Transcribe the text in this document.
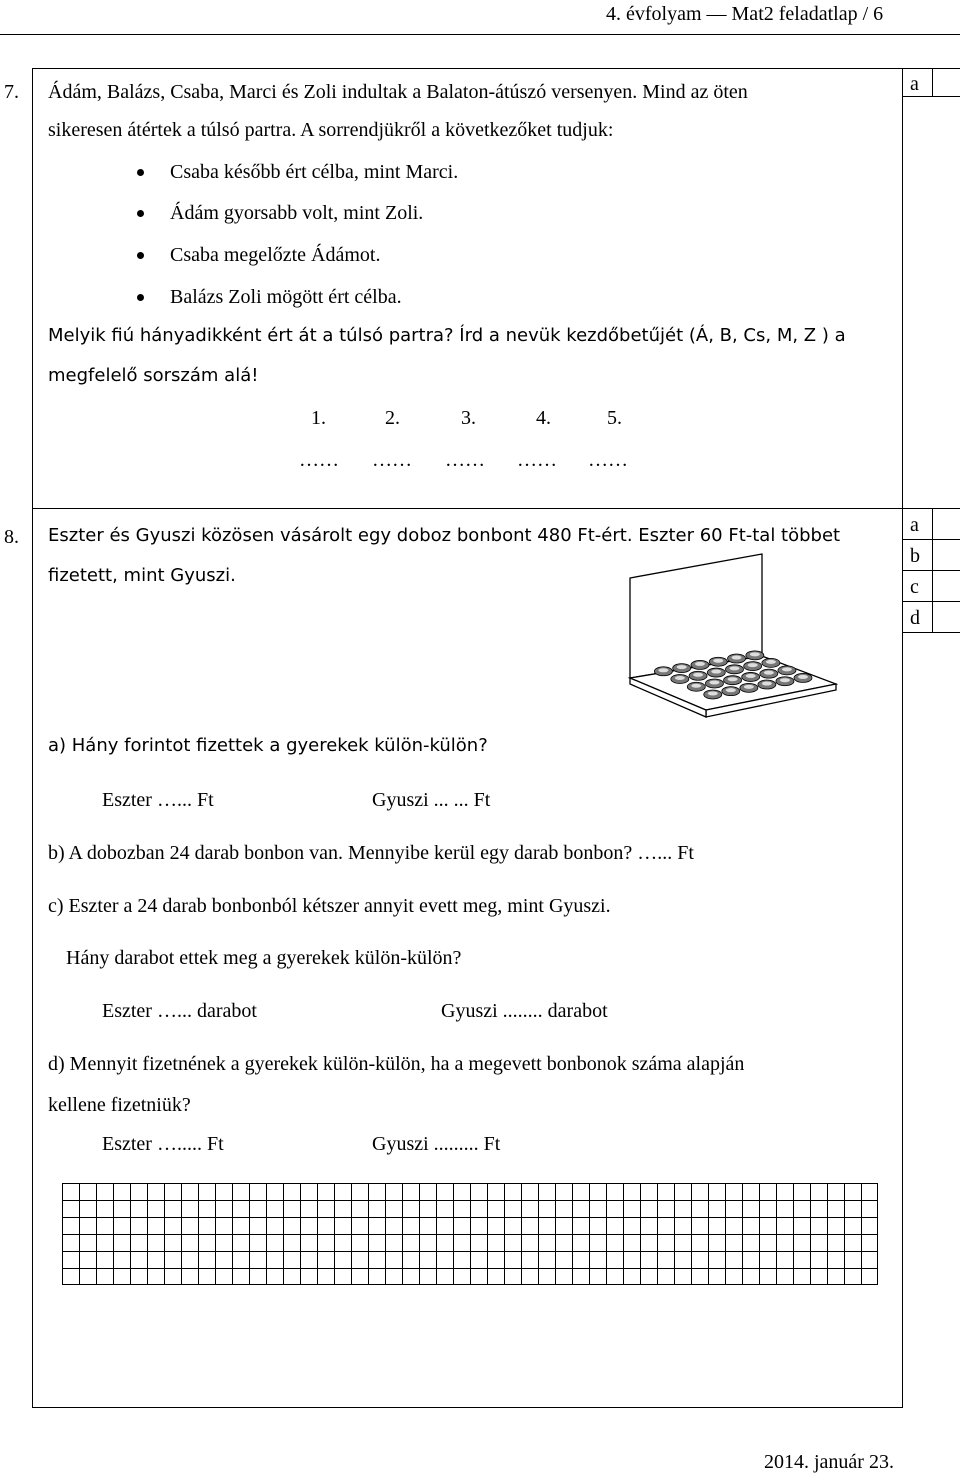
4. évfolyam — Mat2 feladatlap / 6
a
7. Ádám, Balázs, Csaba, Marci és Zoli indultak a Balaton-átúszó versenyen. Mind az öten
sikeresen átértek a túlsó partra. A sorrendjükről a következőket tudjuk:
Csaba később ért célba, mint Marci.
Ádám gyorsabb volt, mint Zoli.
Csaba megelőzte Ádámot.
Balázs Zoli mögött ért célba.
Melyik fiú hányadikként ért át a túlsó partra? Írd a nevük kezdőbetűjét (Á, B, Cs, M, Z ) a
megfelelő sorszám alá!
1.	2.	3.	4.	5.
…… …… …… …… ……
a
b
c
d
8. Eszter és Gyuszi közösen vásárolt egy doboz bonbont 480 Ft-ért. Eszter 60 Ft-tal többet
fizetett, mint Gyuszi.
a) Hány forintot fizettek a gyerekek külön-külön?
Eszter …... Ft	Gyuszi ... ... Ft
b) A dobozban 24 darab bonbon van. Mennyibe kerül egy darab bonbon? …... Ft
c) Eszter a 24 darab bonbonból kétszer annyit evett meg, mint Gyuszi.
Hány darabot ettek meg a gyerekek külön-külön?
Eszter …... darabot	Gyuszi ........ darabot
d) Mennyit fizetnének a gyerekek külön-külön, ha a megevett bonbonok száma alapján
kellene fizetniük?
Eszter …..... Ft	Gyuszi ......... Ft
2014. január 23.
